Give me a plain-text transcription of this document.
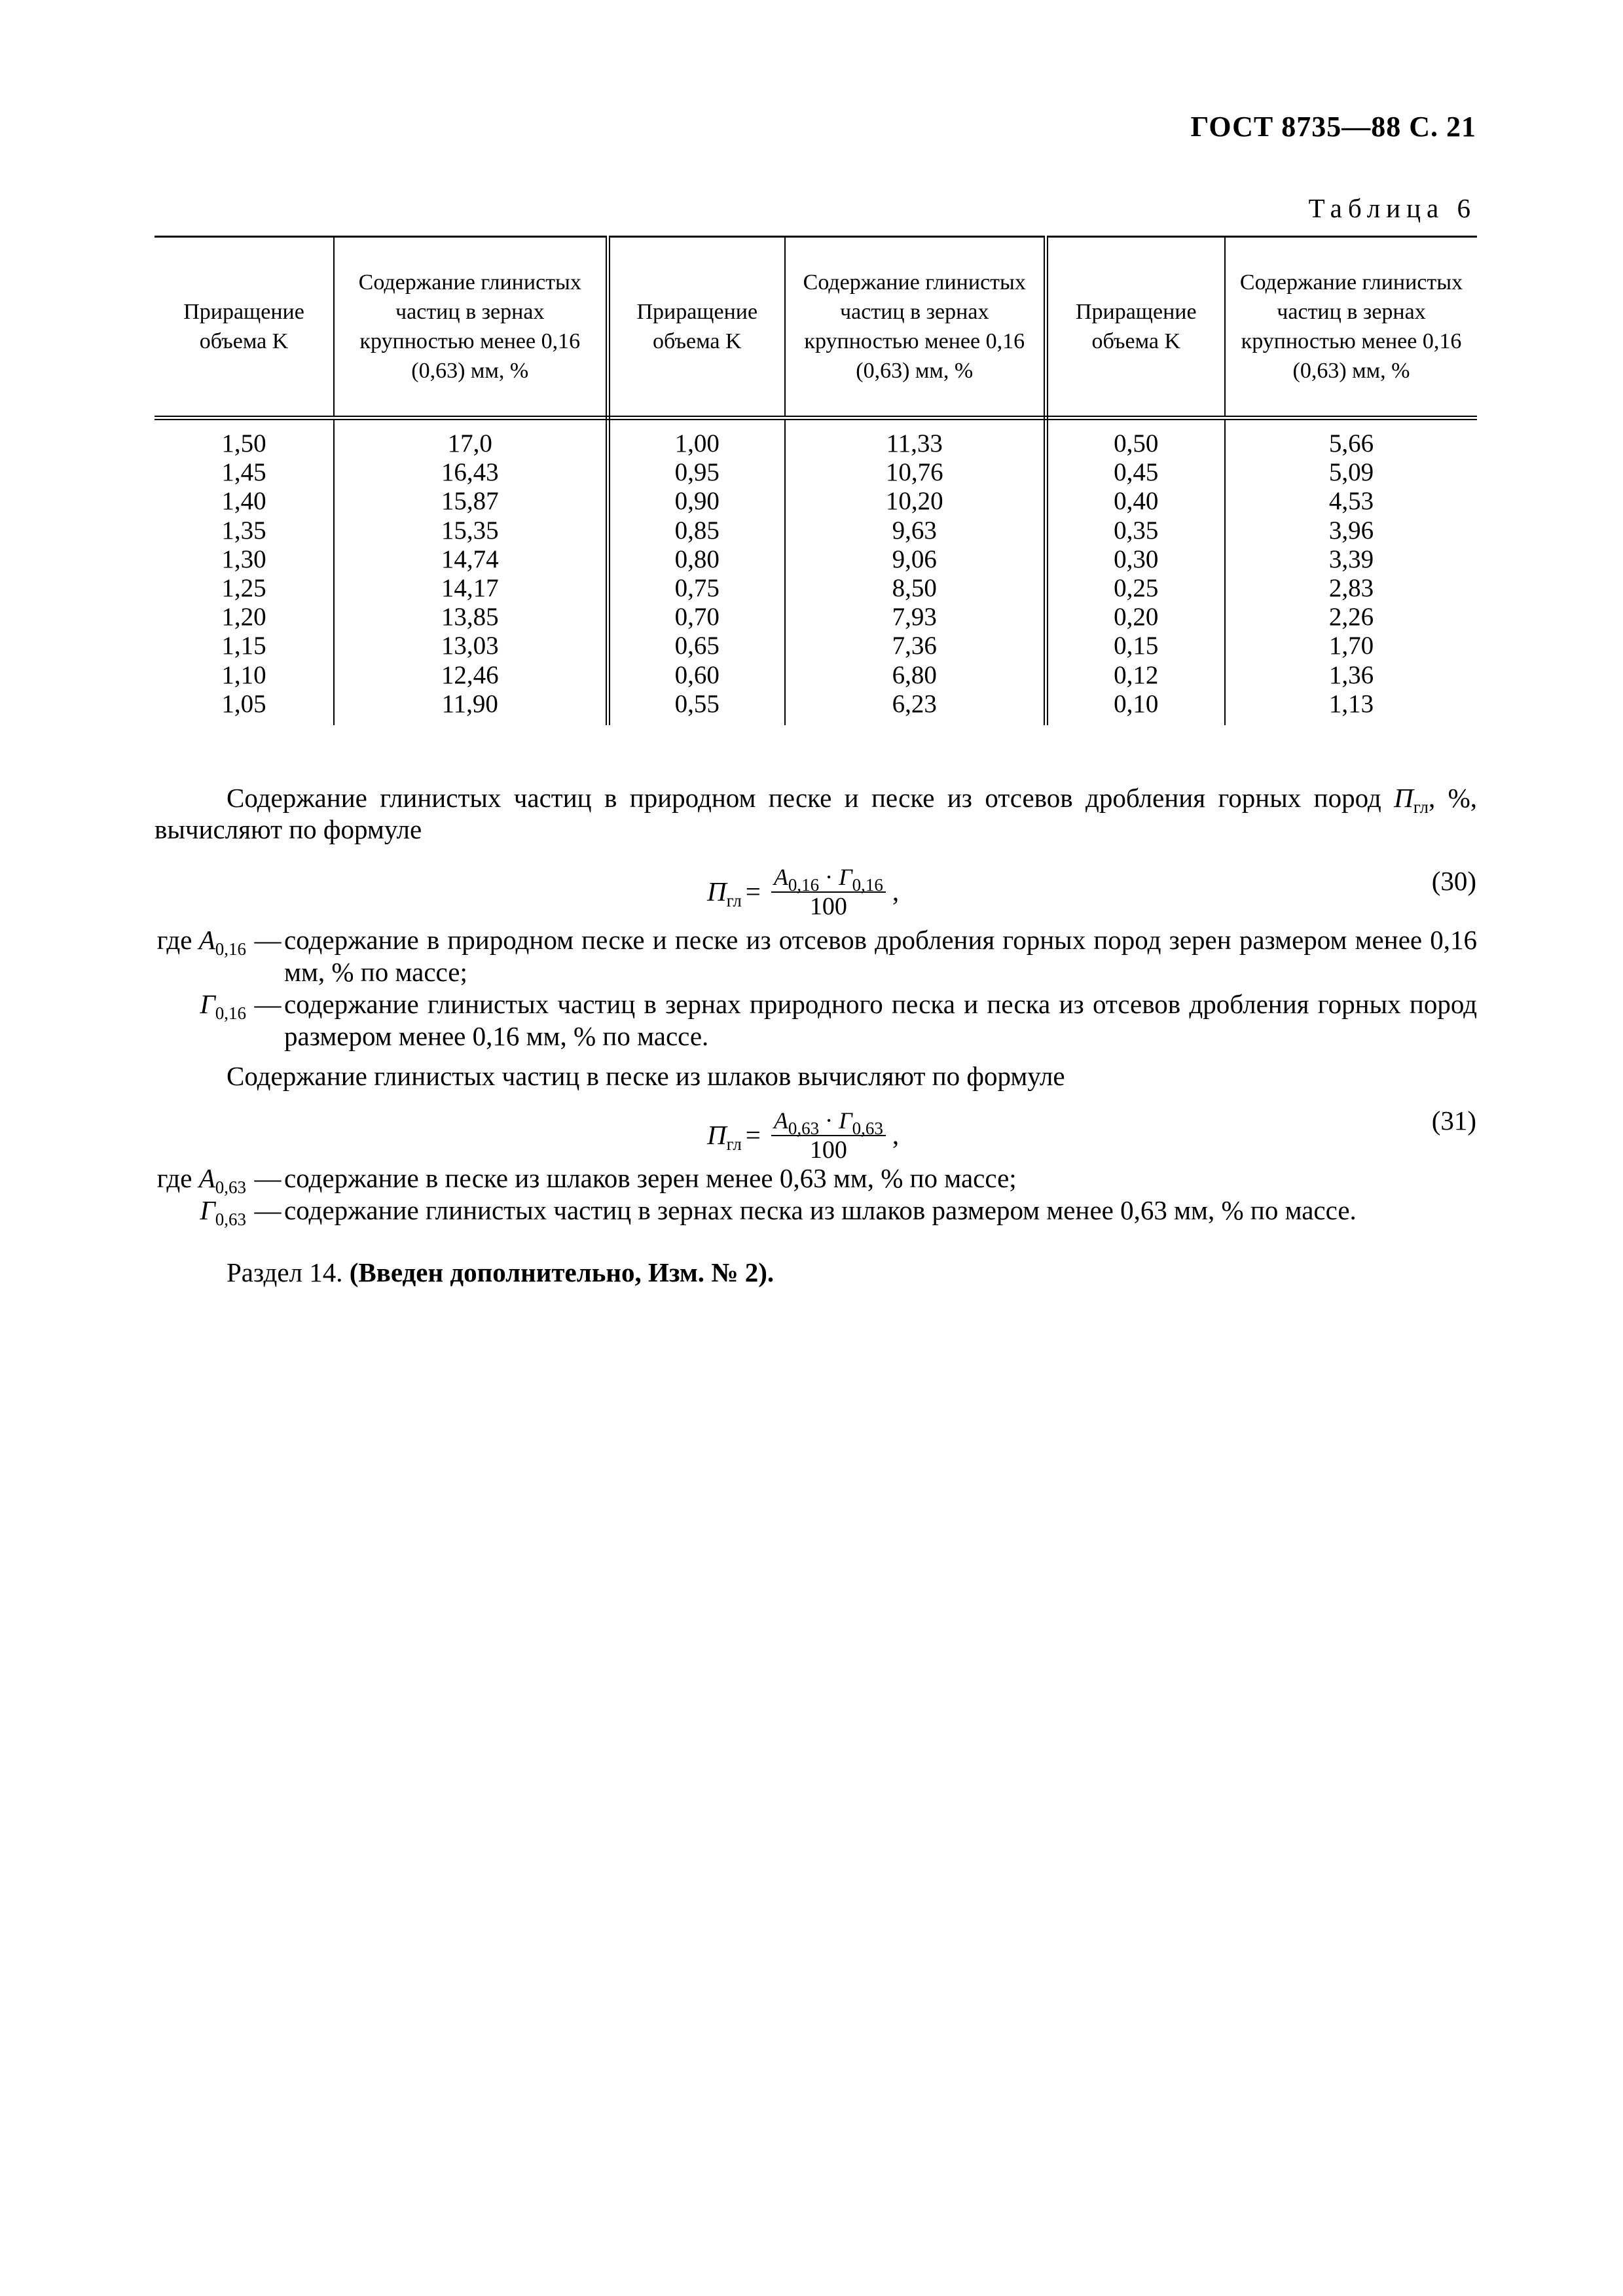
ГОСТ 8735—88 С. 21
Таблица 6
Приращение объема K	Содержание глинистых частиц в зернах крупностью менее 0,16 (0,63) мм, %	Приращение объема K	Содержание глинистых частиц в зернах крупностью менее 0,16 (0,63) мм, %	Приращение объема K	Содержание глинистых частиц в зернах крупностью менее 0,16 (0,63) мм, %
1,50	17,0	1,00	11,33	0,50	5,66
1,45	16,43	0,95	10,76	0,45	5,09
1,40	15,87	0,90	10,20	0,40	4,53
1,35	15,35	0,85	9,63	0,35	3,96
1,30	14,74	0,80	9,06	0,30	3,39
1,25	14,17	0,75	8,50	0,25	2,83
1,20	13,85	0,70	7,93	0,20	2,26
1,15	13,03	0,65	7,36	0,15	1,70
1,10	12,46	0,60	6,80	0,12	1,36
1,05	11,90	0,55	6,23	0,10	1,13
Содержание глинистых частиц в природном песке и песке из отсевов дробления горных пород $П_{гл}$, %, вычисляют по формуле
$П_{гл} = \frac{A_{0,16} \cdot Г_{0,16}}{100}$ ,	(30)
где $A_{0,16}$ — содержание в природном песке и песке из отсевов дробления горных пород зерен размером менее 0,16 мм, % по массе;
$Г_{0,16}$ — содержание глинистых частиц в зернах природного песка и песка из отсевов дробления горных пород размером менее 0,16 мм, % по массе.
Содержание глинистых частиц в песке из шлаков вычисляют по формуле
$П_{гл} = \frac{A_{0,63} \cdot Г_{0,63}}{100}$ ,	(31)
где $A_{0,63}$ — содержание в песке из шлаков зерен менее 0,63 мм, % по массе;
$Г_{0,63}$ — содержание глинистых частиц в зернах песка из шлаков размером менее 0,63 мм, % по массе.
Раздел 14. (Введен дополнительно, Изм. № 2).
